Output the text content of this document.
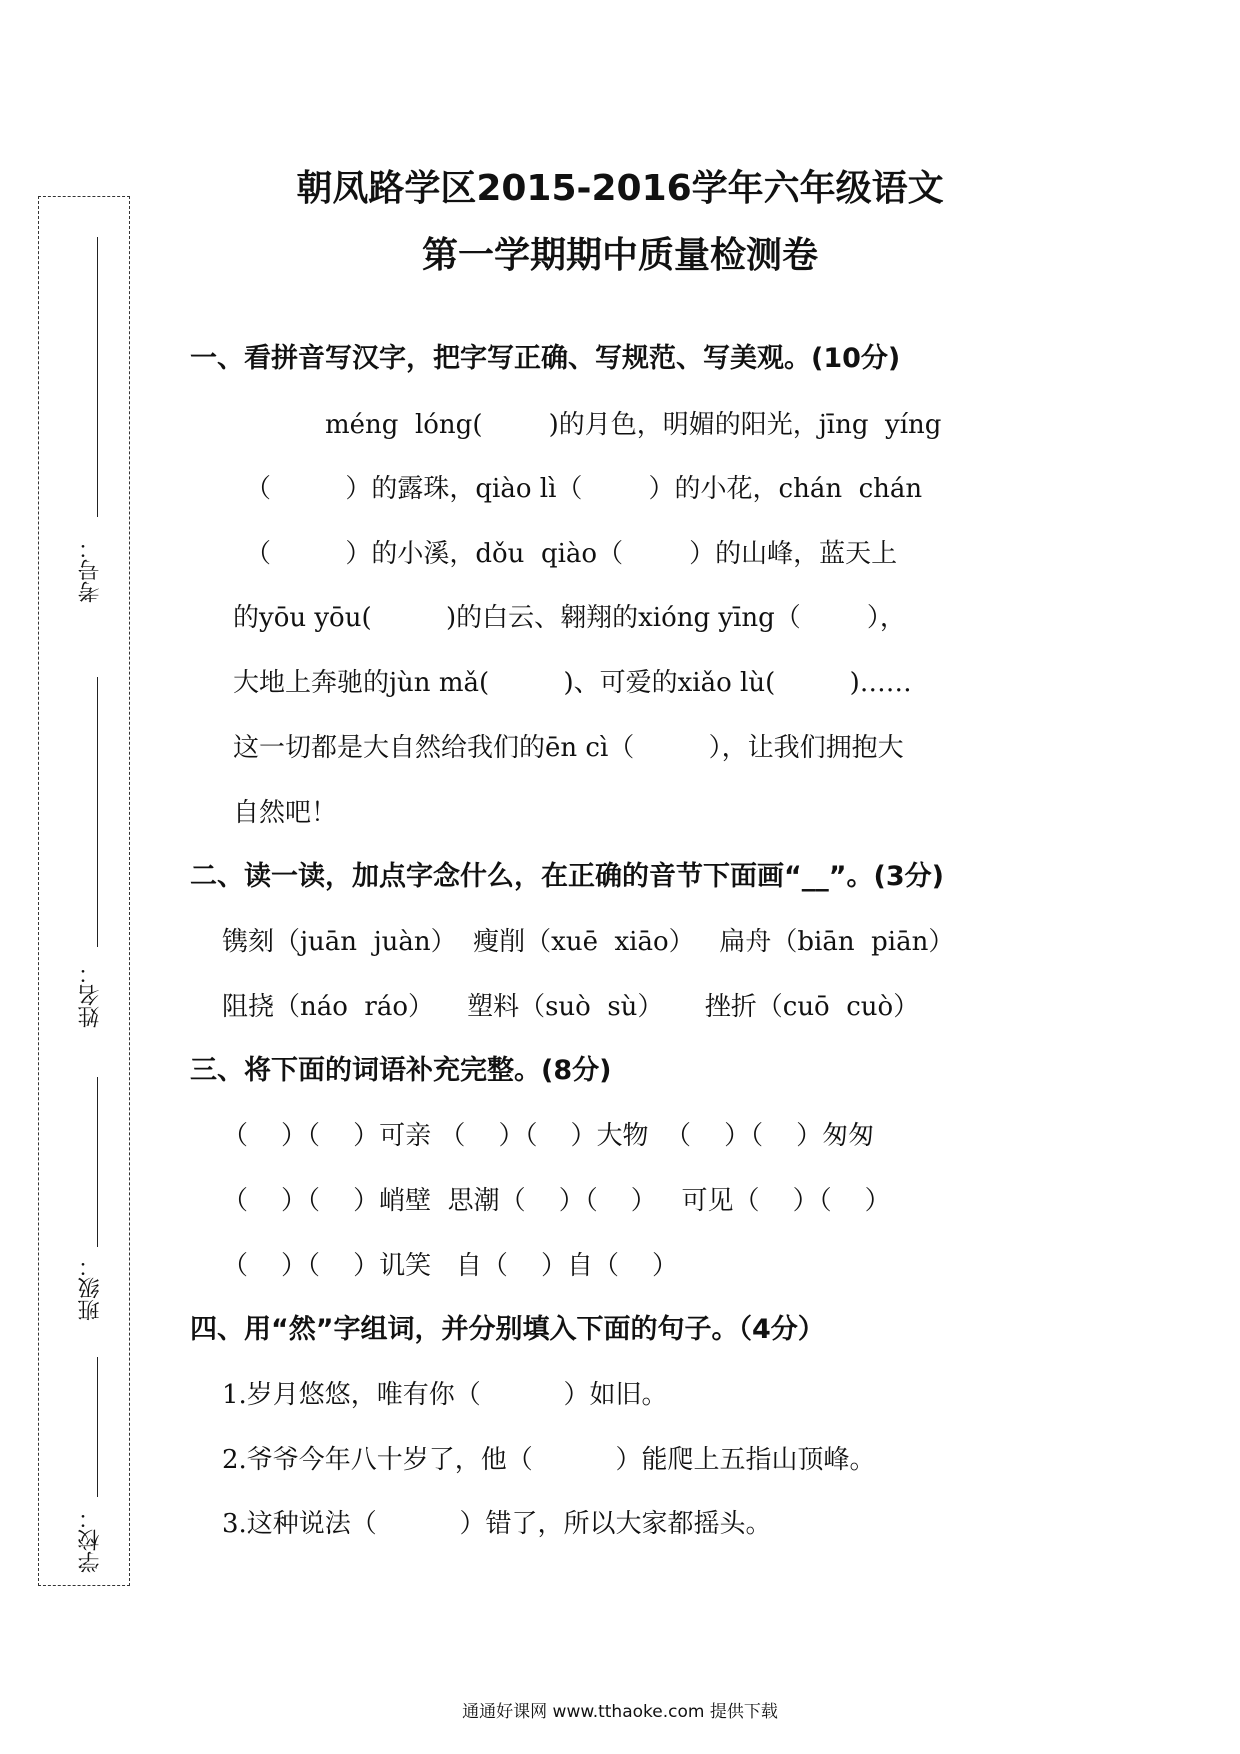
考号：
姓名：
班级：
学校：
朝凤路学区2015-2016学年六年级语文
第一学期期中质量检测卷
一、看拼音写汉字，把字写正确、写规范、写美观。(10分)
méng  lóng(        )的月色，明媚的阳光，jīng  yíng
（         ）的露珠，qiào lì（        ）的小花，chán  chán
（         ）的小溪，dǒu  qiào（        ）的山峰，蓝天上
的yōu yōu(         )的白云、翱翔的xióng yīng（        ），
大地上奔驰的jùn mǎ(         )、可爱的xiǎo lù(         )……
这一切都是大自然给我们的ēn cì（         ），让我们拥抱大
自然吧！
二、读一读，加点字念什么，在正确的音节下面画“__”。(3分)
镌刻（juān  juàn）  瘦削（xuē  xiāo）   扁舟（biān  piān）
阻挠（náo  ráo）    塑料（suò  sù）     挫折（cuō  cuò）
三、将下面的词语补充完整。(8分)
（    ）（    ）可亲 （    ）（    ）大物  （    ）（    ）匆匆
（    ）（    ）峭壁  思潮（    ）（    ）   可见（    ）（    ）
（    ）（    ）讥笑   自（    ）自（    ）
四、用“然”字组词，并分别填入下面的句子。（4分）
1.岁月悠悠，唯有你（          ）如旧。
2.爷爷今年八十岁了，他（          ）能爬上五指山顶峰。
3.这种说法（          ）错了，所以大家都摇头。
通通好课网 www.tthaoke.com 提供下载
